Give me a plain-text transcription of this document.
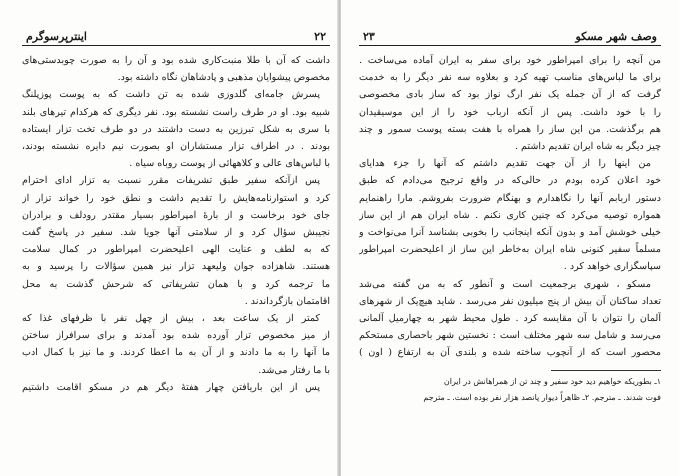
۲۲
اینترپرسوگرم
داشت که آن با طلا منبت‌کاری شده بود و آن را به صورت چوبدستی‌های
مخصوص پیشوایان مذهبی و پادشاهان نگاه داشته بود.
پسرش جامه‌ای گلدوزی شده به تن داشت که به پوست پوزپلنگ
شبیه بود. او در طرف راست نشسته بود. نفر دیگری که هرکدام تیرهای بلند
با سری به شکل تبرزین به دست داشتند در دو طرف تخت تزار ایستاده
بودند . در اطراف تزار مستشاران او بصورت نیم دایره نشسته بودند،
با لباس‌های عالی و کلاههائی از پوست روباه سیاه .
پس ازآنکه سفیر طبق تشریفات مقرر نسبت به تزار ادای احترام
کرد و استوارنامه‌هایش را تقدیم داشت و نطق خود را خواند تزار از
جای خود برخاست و از بارهٔ امپراطور بسیار مقتدر رودلف و برادران
نجیبش سؤال کرد و از سلامتی آنها جویا شد. سفیر در پاسخ گفت
که به لطف و عنایت الهی اعلیحضرت امپراطور در کمال سلامت
هستند. شاهزاده جوان ولیعهد تزار نیز همین سؤالات را پرسید و به
ما ترجمه کرد و با همان تشریفاتی که شرحش گذشت به محل
اقامتمان بازگرداندند .
کمتر از یک ساعت بعد ، بیش از چهل نفر با ظرفهای غذا که
از میز مخصوص تزار آورده شده بود آمدند و برای سرافراز ساختن
ما آنها را به ما دادند و از آن به ما اعطا کردند. و ما نیز با کمال ادب
با ما رفتار می‌شد.
پس از این باریافتن چهار هفتهٔ دیگر هم در مسکو اقامت داشتیم
وصف شهر مسکو
۲۳
من آنچه را برای امپراطور خود برای سفر به ایران آماده می‌ساخت .
برای ما لباس‌های مناسب تهیه کرد و بعلاوه سه نفر دیگر را به خدمت
گرفت که از آن جمله یک نفر ارگ نواز بود که ساز بادی مخصوصی
را با خود داشت. پس از آنکه ارباب خود را از این موسیقیدان
هم برگذشت. من این ساز را همراه با هفت بسته پوست سمور و چند
چیز دیگر به شاه ایران تقدیم داشتم .
من اینها را از آن جهت تقدیم داشتم که آنها را جزء هدایای
خود اعلان کرده بودم در حالی‌که در واقع ترجیح می‌دادم که طبق
دستور اربابم آنها را نگاهدارم و بهنگام ضرورت بفروشم. مارا راهنمایم
همواره توصیه می‌کرد که چنین کاری نکنم . شاه ایران هم از این ساز
خیلی خوشش آمد و بدون آنکه اینجانب را بخوبی بشناسد آنرا می‌نواخت و
مسلماً سفیر کنونی شاه ایران به‌خاطر این ساز از اعلیحضرت امپراطور
سپاسگزاری خواهد کرد .
مسکو ، شهری برجمعیت است و آنطور که به من گفته می‌شد
تعداد ساکنان آن بیش از پنج میلیون نفر می‌رسد . شاید هیچ‌یک از شهرهای
آلمان را نتوان با آن مقایسه کرد . طول محیط شهر به چهارمیل آلمانی
می‌رسد و شامل سه شهر مختلف است : نخستین شهر باحصاری مستحکم
محصور است که از آنچوب ساخته شده و بلندی آن به ارتفاع ( اون )
۱ـ بطوریکه خواهیم دید خود سفیر و چند تن از همراهانش در ایران
فوت شدند. ـ مترجم. ۲ـ ظاهراً دیوار پانصد هزار نفر بوده است. ـ مترجم
